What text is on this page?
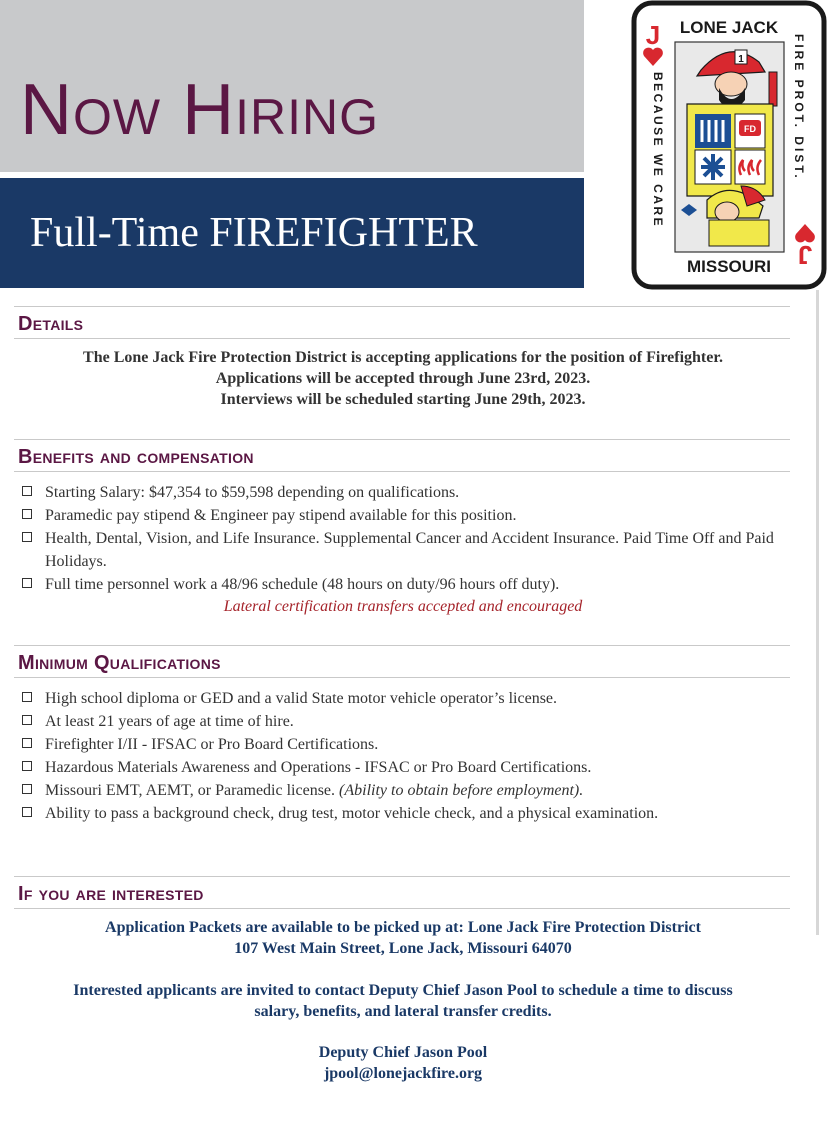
Now Hiring
Full-Time FIREFIGHTER
J
J
LONE JACK
MISSOURI
BECAUSE WE CARE	FIRE PROT. DIST.
1
FD
Details

The Lone Jack Fire Protection District is accepting applications for the position of Firefighter.

Applications will be accepted through June 23rd, 2023.

Interviews will be scheduled starting June 29th, 2023.

Benefits and compensation
Starting Salary: $47,354 to $59,598 depending on qualifications.
Paramedic pay stipend & Engineer pay stipend available for this position.
Health, Dental, Vision, and Life Insurance. Supplemental Cancer and Accident Insurance. Paid Time Off and Paid Holidays.
Full time personnel work a 48/96 schedule (48 hours on duty/96 hours off duty).

Lateral certification transfers accepted and encouraged

Minimum Qualifications
High school diploma or GED and a valid State motor vehicle operator’s license.
At least 21 years of age at time of hire.
Firefighter I/II - IFSAC or Pro Board Certifications.
Hazardous Materials Awareness and Operations - IFSAC or Pro Board Certifications.
Missouri EMT, AEMT, or Paramedic license. (Ability to obtain before employment).
Ability to pass a background check, drug test, motor vehicle check, and a physical examination.
If you are interested

Application Packets are available to be picked up at: Lone Jack Fire Protection District

107 West Main Street, Lone Jack, Missouri 64070

Interested applicants are invited to contact Deputy Chief Jason Pool to schedule a time to discuss

salary, benefits, and lateral transfer credits.

Deputy Chief Jason Pool

jpool@lonejackfire.org
